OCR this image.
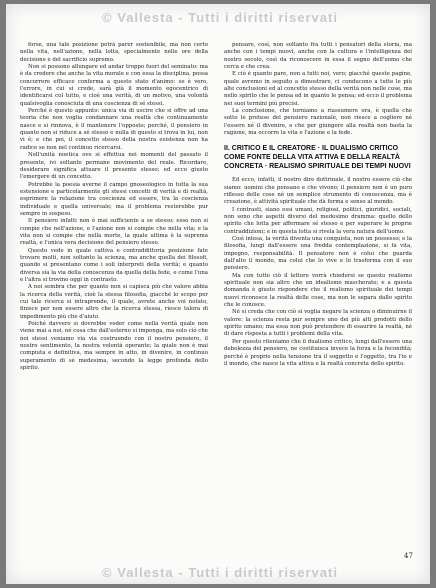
© Vallesta - Tutti i diritti riservati

forse, una tale posizione potrà parer sostenibile, ma non certo nella vita, nell'azione, nella lotta, specialmente nelle ore della decisione e del sacrificio supremo.

Non si possono allungare ed andar troppo fuori del seminato: ma è da credere che anche la vita morale e con essa la disciplina, possa concorrere efficace conferma a questo stato d'animo: se è vero, l'errore, in cui si crede, sarà già il momento egocentrico di identificarsi col tutto, e cioè una verità, di un motivo, una volontà qualsivoglia conosciuta di una coscienza di sé stessi.

Perché è questo appunto: unica via di uscire che si offre ad una teoria che non voglia condannare una realtà che continuamente nasce e si rinnova, è il mantenere l'opposto; perché, il pensiero in quanto non si riduce a sé stesso e nulla di questo si trova in lui, non vi è; e che poi, il concetto stesso della nostra esistenza non ha radice se non nel continuo ricercarsi.

Nell'unità noetica ove si effettua nei momenti del passato il presente, ivi soltanto permane movimento del reale. Ricordare, desiderare significa attuare il presente stesso; ed ecco giusto l'emergere di un concetto.

Potrebbe la poesia averne il campo gnoseologico in tutta la sua estensione e particolarmente gli stessi concetti di verità e di realtà, esprimere la relazione tra coscienza ed essere, tra la coscienza individuale e quella universale; ma il problema resterebbe pur sempre in sospeso.

Il pensiero infatti non è mai sufficiente a se stesso; esso non si compie che nell'azione, e l'azione non si compie che nella vita; e la vita non si compie che nella morte, la quale ultima è la suprema realtà, e l'unica vera decisione del pensiero stesso.

Questo vede in quale cattiva e contraddittoria posizione fate trovare molti, non soltanto la scienza, ma anche quella dei filosofi, quando si presentano come i soli interpreti della verità; e quanto diversa sia la via della conoscenza da quella della fede, e come l'una e l'altra si trovino oggi in contrasto.

A noi sembra che per quanto non si capisca più che valore abbia la ricerca della verità, cioè la stessa filosofia, giacché lo scopo per cui tale ricerca si intraprende, il quale, avrete anche voi notato, finisce per non essere altro che la ricerca stessa, riesce talora di impedimento più che d'aiuto.

Poiché davvero si dovrebbe veder come nella verità quale non viene mai a noi, né cosa che dall'esterno si imponga, ma solo ciò che noi stessi veniamo via via costruendo con il nostro pensiero, il nostro sentimento, la nostra volontà operante; la quale non è mai compiuta e definitiva, ma sempre in atto, in divenire, in continuo superamento di sé medesima, secondo la legge profonda dello spirito.

pensare, così, non soltanto fra tutti i pensatori della storia, ma anche con i tempi nuovi, anche con la cultura e l'intelligenza del nostro secolo, così da riconoscere in essa il segno dell'uomo che cerca e che crea.

E ciò è quanto pare, non a tutti noi, vero; giacché queste pagine, quale avremo in seguito a dimostrare, ci conducono a tutte le più alte conclusioni ed al concetto stesso della verità non nelle cose, ma nello spirito che le pensa ed in quanto le pensa; ed ecco il problema nei suoi termini più precisi.

La conclusione, che torniamo a riassumere ora, è quella che sotto le pretese del pensiero razionale, non riesce a cogliere né l'essere né il divenire, e che per giungere alla realtà non basta la ragione, ma occorre la vita e l'azione e la fede.

II. CRITICO E IL CREATORE · IL DUALISMO CRITICO COME FONTE DELLA VITA ATTIVA E DELLA REALTÀ CONCRETA · REALISMO SPIRITUALE DEI TEMPI NUOVI

Ed ecco, infatti, il nostro dire dottrinale, il nostro essere ciò che siamo: uomini che pensano e che vivono; il pensiero non è un puro riflesso delle cose né un semplice strumento di conoscenza, ma è creazione, è attività spirituale che dà forma e senso al mondo.

I contrasti, siano essi umani, religiosi, politici, giuridici, sociali, non sono che aspetti diversi del medesimo dramma: quello dello spirito che lotta per affermare sé stesso e per superare le proprie contraddizioni; e in questa lotta si rivela la vera natura dell'uomo.

Così intesa, la verità diventa una conquista, non un possesso; e la filosofia, lungi dall'essere una fredda contemplazione, si fa vita, impegno, responsabilità. Il pensatore non è colui che guarda dall'alto il mondo, ma colui che lo vive e lo trasforma con il suo pensiero.

Ma con tutto ciò il lettore vorrà chiedersi se questo realismo spirituale non sia altro che un idealismo mascherato; e a questa domanda è giusto rispondere che il realismo spirituale dei tempi nuovi riconosce la realtà delle cose, ma non le separa dallo spirito che le conosce.

Né si creda che con ciò si voglia negare la scienza o diminuirne il valore: la scienza resta pur sempre uno dei più alti prodotti dello spirito umano; ma essa non può pretendere di esaurire la realtà, né di dare risposta a tutti i problemi della vita.

Per questo riteniamo che il dualismo critico, lungi dall'essere una debolezza del pensiero, ne costituisca invece la forza e la fecondità; perché è proprio nella tensione tra il soggetto e l'oggetto, tra l'io e il mondo, che nasce la vita attiva e la realtà concreta dello spirito.

47
© Vallesta - Tutti i diritti riservati
